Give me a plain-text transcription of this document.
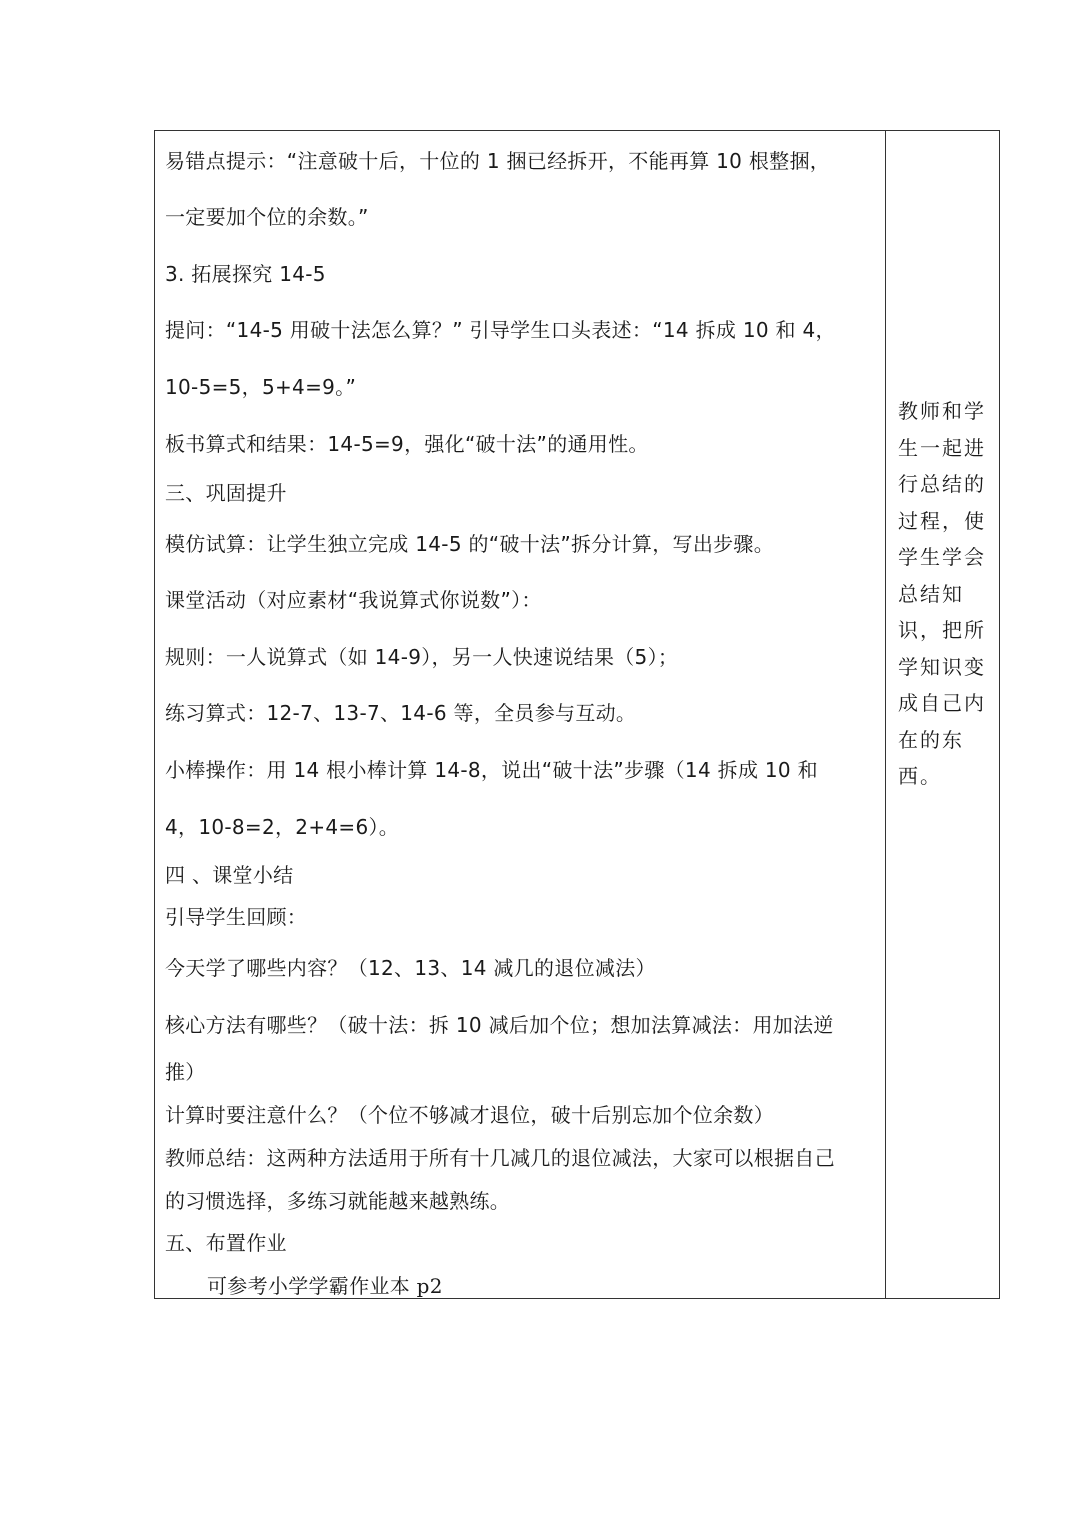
易错点提示：“注意破十后，十位的 1 捆已经拆开，不能再算 10 根整捆，
一定要加个位的余数。”
3. 拓展探究 14-5
提问：“14-5 用破十法怎么算？” 引导学生口头表述：“14 拆成 10 和 4，
10-5=5，5+4=9。”
板书算式和结果：14-5=9，强化“破十法”的通用性。
三、巩固提升
模仿试算：让学生独立完成 14-5 的“破十法”拆分计算，写出步骤。
课堂活动（对应素材“我说算式你说数”）：
规则：一人说算式（如 14-9），另一人快速说结果（5）；
练习算式：12-7、13-7、14-6 等，全员参与互动。
小棒操作：用 14 根小棒计算 14-8，说出“破十法”步骤（14 拆成 10 和
4，10-8=2，2+4=6）。
四 、课堂小结
引导学生回顾：
今天学了哪些内容？（12、13、14 减几的退位减法）
核心方法有哪些？（破十法：拆 10 减后加个位；想加法算减法：用加法逆
推）
计算时要注意什么？（个位不够减才退位，破十后别忘加个位余数）
教师总结：这两种方法适用于所有十几减几的退位减法，大家可以根据自己
的习惯选择，多练习就能越来越熟练。
五、布置作业
可参考小学学霸作业本 p2
教师和学生一起进行总结的过程，使学生学会总结知识，把所学知识变成自己内在的东西。
